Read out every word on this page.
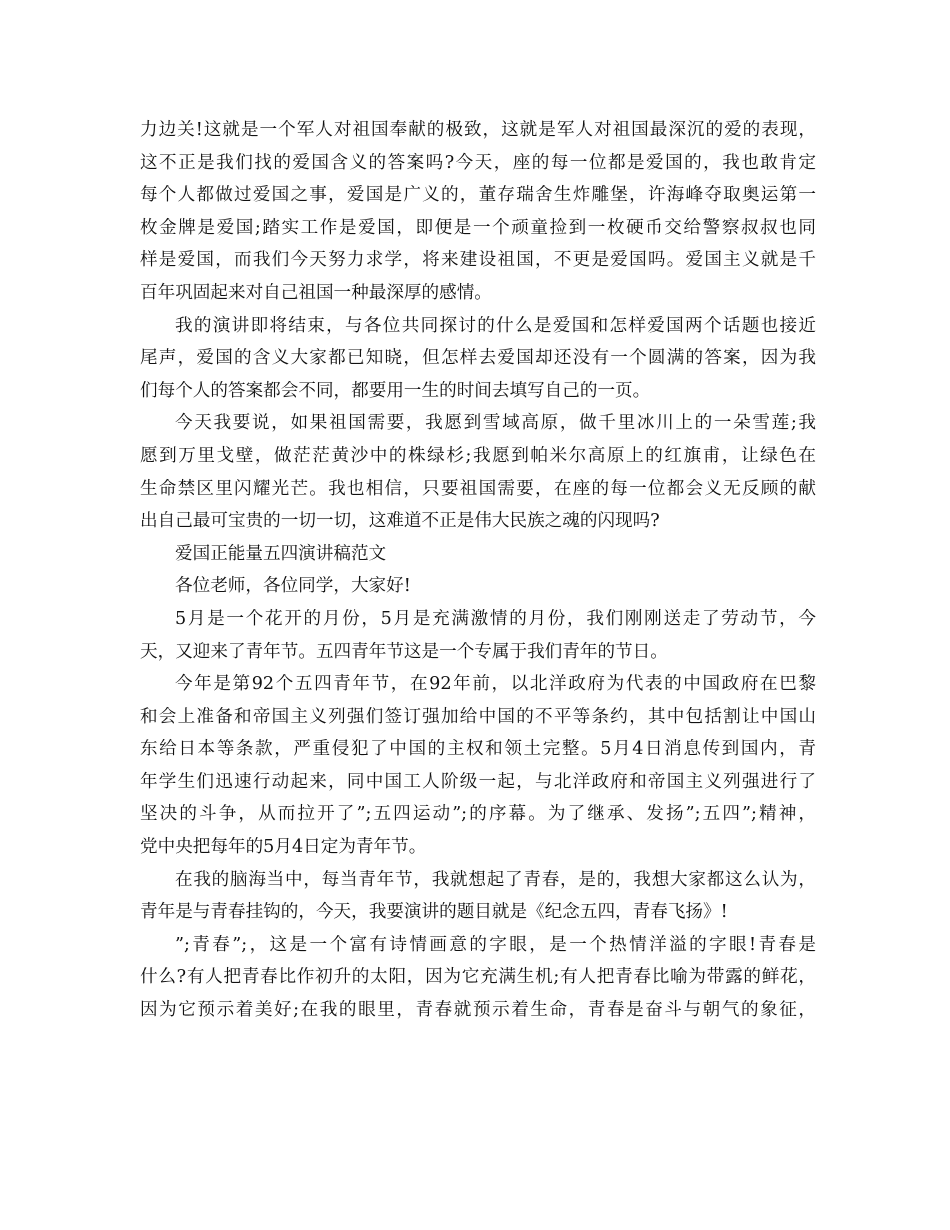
力边关!这就是一个军人对祖国奉献的极致，这就是军人对祖国最深沉的爱的表现，
这不正是我们找的爱国含义的答案吗?今天，座的每一位都是爱国的，我也敢肯定
每个人都做过爱国之事，爱国是广义的，董存瑞舍生炸雕堡，许海峰夺取奥运第一
枚金牌是爱国;踏实工作是爱国，即便是一个顽童捡到一枚硬币交给警察叔叔也同
样是爱国，而我们今天努力求学，将来建设祖国，不更是爱国吗。爱国主义就是千
百年巩固起来对自己祖国一种最深厚的感情。
我的演讲即将结束，与各位共同探讨的什么是爱国和怎样爱国两个话题也接近
尾声，爱国的含义大家都已知晓，但怎样去爱国却还没有一个圆满的答案，因为我
们每个人的答案都会不同，都要用一生的时间去填写自己的一页。
今天我要说，如果祖国需要，我愿到雪域高原，做千里冰川上的一朵雪莲;我
愿到万里戈壁，做茫茫黄沙中的株绿杉;我愿到帕米尔高原上的红旗甫，让绿色在
生命禁区里闪耀光芒。我也相信，只要祖国需要，在座的每一位都会义无反顾的献
出自己最可宝贵的一切一切，这难道不正是伟大民族之魂的闪现吗?
爱国正能量五四演讲稿范文
各位老师，各位同学，大家好!
5月是一个花开的月份，5月是充满激情的月份，我们刚刚送走了劳动节，今
天，又迎来了青年节。五四青年节这是一个专属于我们青年的节日。
今年是第92个五四青年节，在92年前，以北洋政府为代表的中国政府在巴黎
和会上准备和帝国主义列强们签订强加给中国的不平等条约，其中包括割让中国山
东给日本等条款，严重侵犯了中国的主权和领土完整。5月4日消息传到国内，青
年学生们迅速行动起来，同中国工人阶级一起，与北洋政府和帝国主义列强进行了
坚决的斗争，从而拉开了”;五四运动”;的序幕。为了继承、发扬”;五四”;精神，
党中央把每年的5月4日定为青年节。
在我的脑海当中，每当青年节，我就想起了青春，是的，我想大家都这么认为，
青年是与青春挂钩的，今天，我要演讲的题目就是《纪念五四，青春飞扬》!
”;青春”;，这是一个富有诗情画意的字眼，是一个热情洋溢的字眼!青春是
什么?有人把青春比作初升的太阳，因为它充满生机;有人把青春比喻为带露的鲜花，
因为它预示着美好;在我的眼里，青春就预示着生命，青春是奋斗与朝气的象征，
